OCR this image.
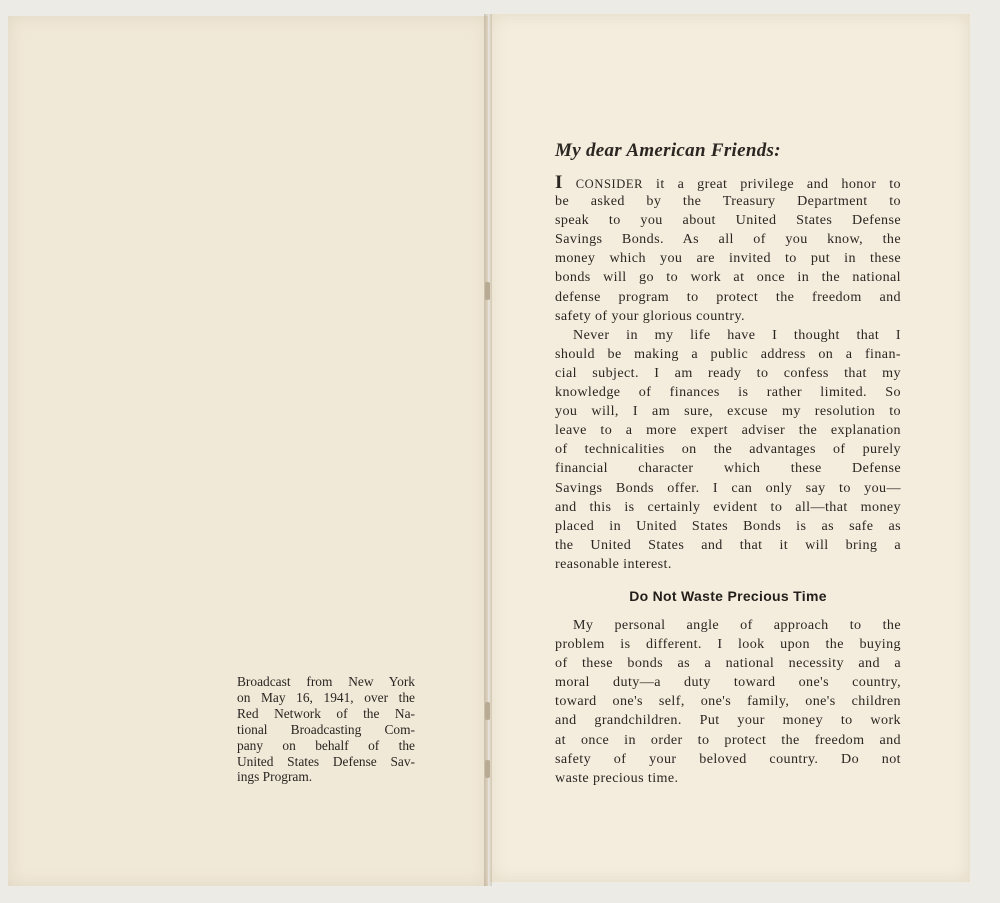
Broadcast from New York
on May 16, 1941, over the
Red Network of the Na-
tional Broadcasting Com-
pany on behalf of the
United States Defense Sav-
ings Program.
My dear American Friends:
I CONSIDER it a great privilege and honor to
be asked by the Treasury Department to
speak to you about United States Defense
Savings Bonds. As all of you know, the
money which you are invited to put in these
bonds will go to work at once in the national
defense program to protect the freedom and
safety of your glorious country.
Never in my life have I thought that I
should be making a public address on a finan-
cial subject. I am ready to confess that my
knowledge of finances is rather limited. So
you will, I am sure, excuse my resolution to
leave to a more expert adviser the explanation
of technicalities on the advantages of purely
financial character which these Defense
Savings Bonds offer. I can only say to you—
and this is certainly evident to all—that money
placed in United States Bonds is as safe as
the United States and that it will bring a
reasonable interest.
Do Not Waste Precious Time
My personal angle of approach to the
problem is different. I look upon the buying
of these bonds as a national necessity and a
moral duty—a duty toward one's country,
toward one's self, one's family, one's children
and grandchildren. Put your money to work
at once in order to protect the freedom and
safety of your beloved country. Do not
waste precious time.
